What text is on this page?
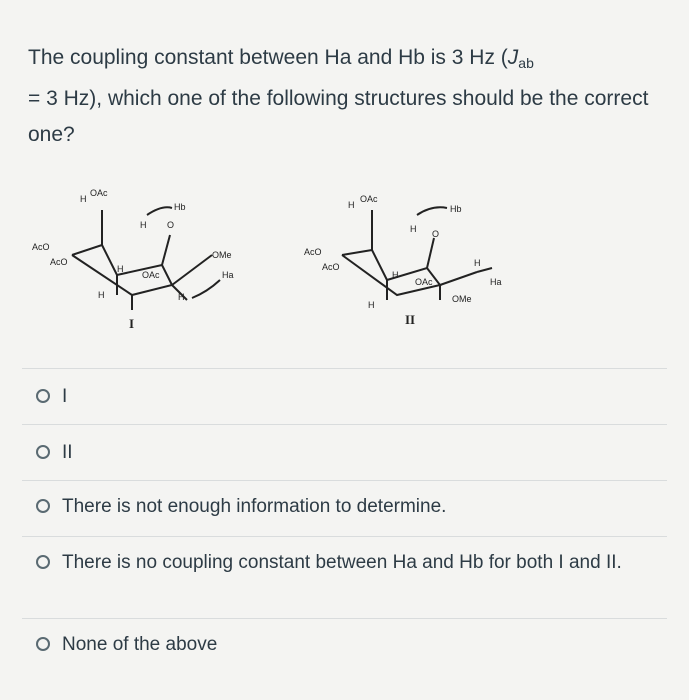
The coupling constant between Ha and Hb is 3 Hz ($J_{ab}$
= 3 Hz), which one of the following structures should be the correct one?
H
OAc
Hb
H O
AcO
AcO
OMe
H
OAc	Ha
H	H
I
H
OAc
Hb
H O
AcO
AcO	H
H
OAc	Ha
OMe
H
II
I
II
There is not enough information to determine.
There is no coupling constant between Ha and Hb for both I and II.
None of the above
